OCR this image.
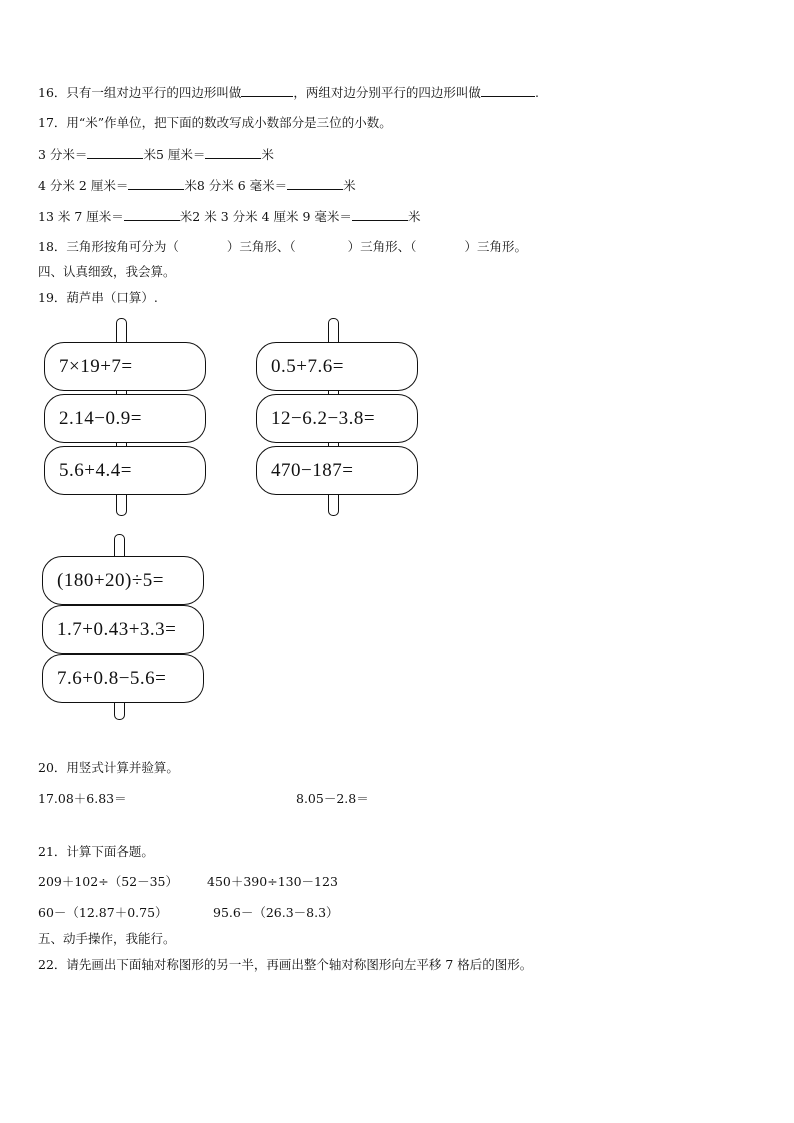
16．只有一组对边平行的四边形叫做	，两组对边分别平行的四边形叫做	.
17．用“米”作单位，把下面的数改写成小数部分是三位的小数。
3 分米＝	米5 厘米＝	米
4 分米 2 厘米＝	米8 分米 6 毫米＝	米
13 米 7 厘米＝	米2 米 3 分米 4 厘米 9 毫米＝	米
18．三角形按角可分为（	）三角形、（	）三角形、（	）三角形。
四、认真细致，我会算。
19．葫芦串（口算）.
7×19+7=
2.14−0.9=
5.6+4.4=
0.5+7.6=
12−6.2−3.8=
470−187=
(180+20)÷5=
1.7+0.43+3.3=
7.6+0.8−5.6=
20．用竖式计算并验算。
17.08＋6.83＝	8.05－2.8＝
21．计算下面各题。
209＋102÷（52－35） 450＋390÷130－123
60－（12.87＋0.75）	95.6－（26.3－8.3）
五、动手操作，我能行。
22．请先画出下面轴对称图形的另一半，再画出整个轴对称图形向左平移 7 格后的图形。
